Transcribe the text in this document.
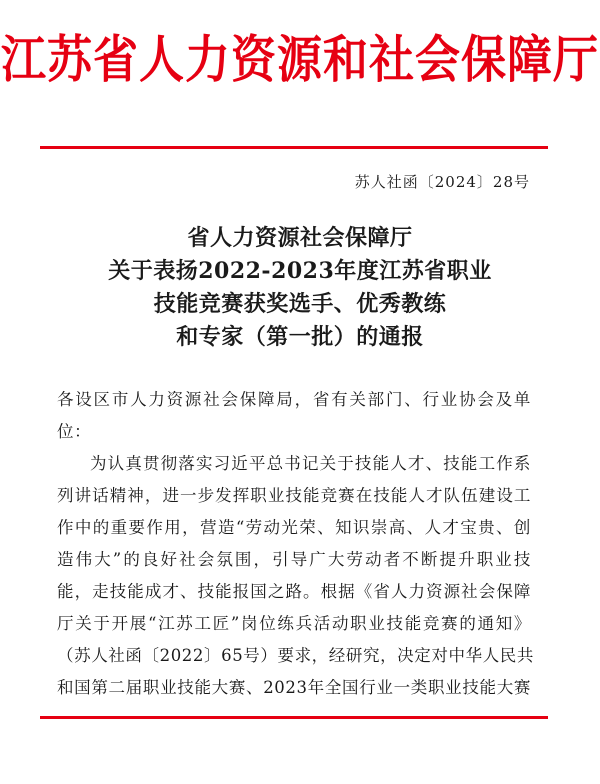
江苏省人力资源和社会保障厅
苏人社函〔2024〕28号
省人力资源社会保障厅
关于表扬2022-2023年度江苏省职业
技能竞赛获奖选手、优秀教练
和专家（第一批）的通报
各设区市人力资源社会保障局，省有关部门、行业协会及单
位：
为认真贯彻落实习近平总书记关于技能人才、技能工作系
列讲话精神，进一步发挥职业技能竞赛在技能人才队伍建设工
作中的重要作用，营造“劳动光荣、知识崇高、人才宝贵、创
造伟大”的良好社会氛围，引导广大劳动者不断提升职业技
能，走技能成才、技能报国之路。根据《省人力资源社会保障
厅关于开展“江苏工匠”岗位练兵活动职业技能竞赛的通知》
（苏人社函〔2022〕65号）要求，经研究，决定对中华人民共
和国第二届职业技能大赛、2023年全国行业一类职业技能大赛
